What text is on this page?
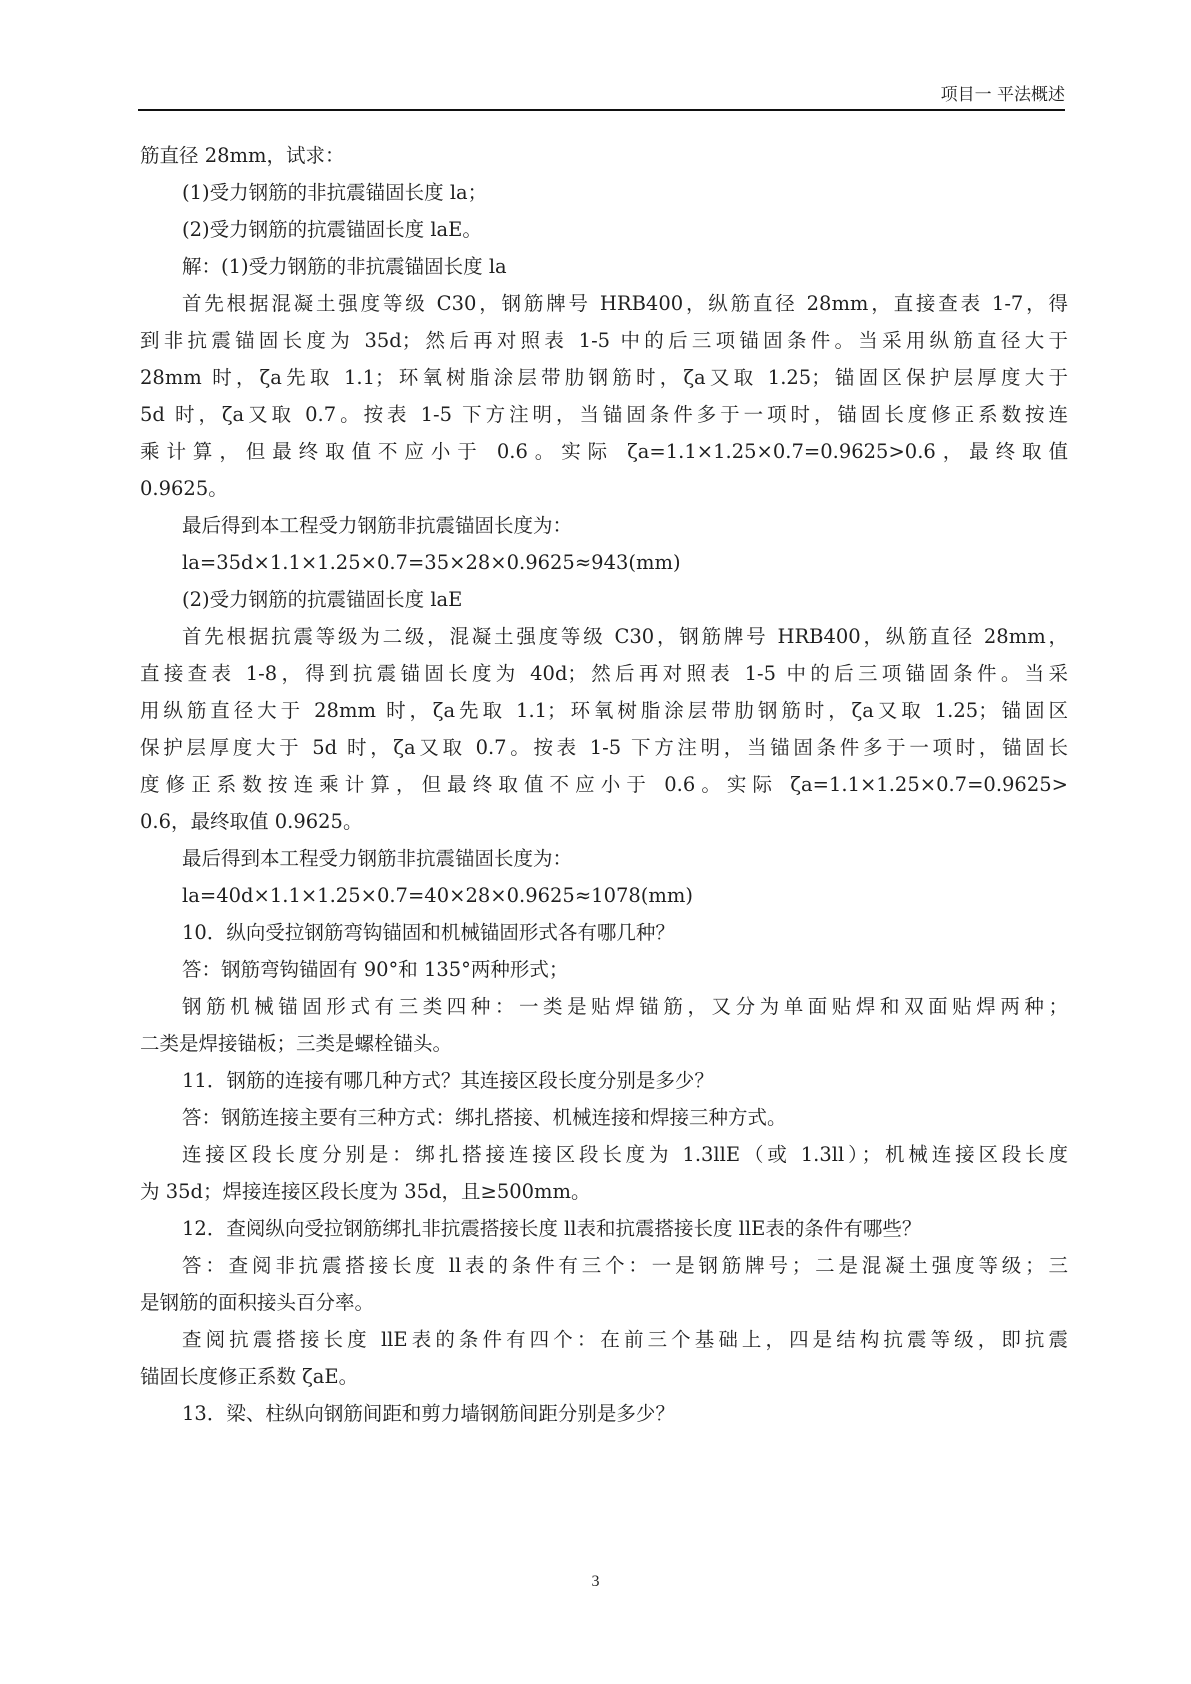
项目一 平法概述
筋直径 28mm，试求：
(1)受力钢筋的非抗震锚固长度 la；
(2)受力钢筋的抗震锚固长度 laE。
解：(1)受力钢筋的非抗震锚固长度 la
首先根据混凝土强度等级 C30，钢筋牌号 HRB400，纵筋直径 28mm，直接查表 1-7，得
到非抗震锚固长度为 35d；然后再对照表 1-5 中的后三项锚固条件。当采用纵筋直径大于
28mm 时，ζa先取 1.1；环氧树脂涂层带肋钢筋时，ζa又取 1.25；锚固区保护层厚度大于
5d 时，ζa又取 0.7。按表 1-5 下方注明，当锚固条件多于一项时，锚固长度修正系数按连
乘计算，但最终取值不应小于 0.6。实际 ζa=1.1×1.25×0.7=0.9625>0.6，最终取值
0.9625。
最后得到本工程受力钢筋非抗震锚固长度为：
la=35d×1.1×1.25×0.7=35×28×0.9625≈943(mm)
(2)受力钢筋的抗震锚固长度 laE
首先根据抗震等级为二级，混凝土强度等级 C30，钢筋牌号 HRB400，纵筋直径 28mm，
直接查表 1-8，得到抗震锚固长度为 40d；然后再对照表 1-5 中的后三项锚固条件。当采
用纵筋直径大于 28mm 时，ζa先取 1.1；环氧树脂涂层带肋钢筋时，ζa又取 1.25；锚固区
保护层厚度大于 5d 时，ζa又取 0.7。按表 1-5 下方注明，当锚固条件多于一项时，锚固长
度修正系数按连乘计算，但最终取值不应小于 0.6。实际 ζa=1.1×1.25×0.7=0.9625>
0.6，最终取值 0.9625。
最后得到本工程受力钢筋非抗震锚固长度为：
la=40d×1.1×1.25×0.7=40×28×0.9625≈1078(mm)
10．纵向受拉钢筋弯钩锚固和机械锚固形式各有哪几种？
答：钢筋弯钩锚固有 90°和 135°两种形式；
钢筋机械锚固形式有三类四种：一类是贴焊锚筋，又分为单面贴焊和双面贴焊两种；
二类是焊接锚板；三类是螺栓锚头。
11．钢筋的连接有哪几种方式？其连接区段长度分别是多少？
答：钢筋连接主要有三种方式：绑扎搭接、机械连接和焊接三种方式。
连接区段长度分别是：绑扎搭接连接区段长度为 1.3llE（或 1.3ll）；机械连接区段长度
为 35d；焊接连接区段长度为 35d，且≥500mm。
12．查阅纵向受拉钢筋绑扎非抗震搭接长度 ll表和抗震搭接长度 llE表的条件有哪些？
答：查阅非抗震搭接长度 ll表的条件有三个：一是钢筋牌号；二是混凝土强度等级；三
是钢筋的面积接头百分率。
查阅抗震搭接长度 llE表的条件有四个：在前三个基础上，四是结构抗震等级，即抗震
锚固长度修正系数 ζaE。
13．梁、柱纵向钢筋间距和剪力墙钢筋间距分别是多少？
3
